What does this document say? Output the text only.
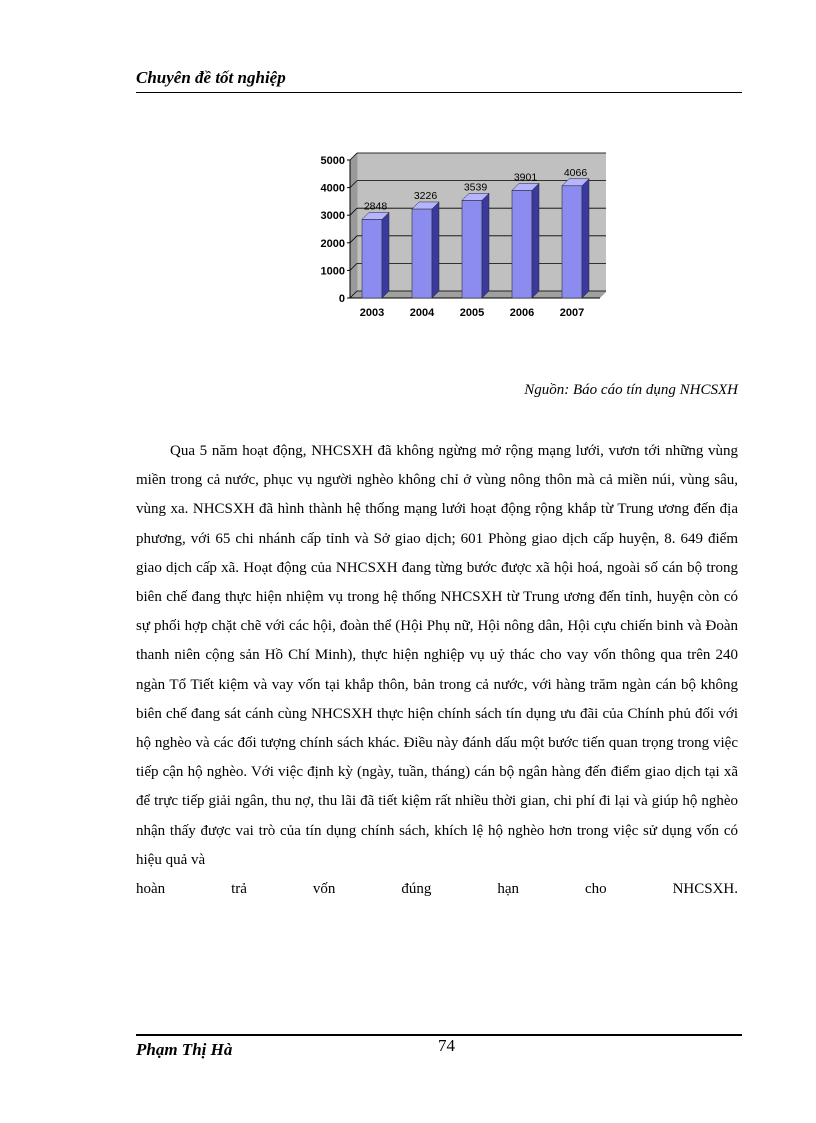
Chuyên đề tốt nghiệp
0
1000
2000
3000
4000
5000
2848
2003
3226
2004
3539
2005
3901
2006
4066
2007
Nguồn: Báo cáo tín dụng NHCSXH

Qua 5 năm hoạt động, NHCSXH đã không ngừng mở rộng mạng lưới, vươn tới những vùng miền trong cả nước, phục vụ người nghèo không chỉ ở vùng nông thôn mà cả miền núi, vùng sâu, vùng xa. NHCSXH đã hình thành hệ thống mạng lưới hoạt động rộng khắp từ Trung ương đến địa phương, với 65 chi nhánh cấp tỉnh và Sở giao dịch; 601 Phòng giao dịch cấp huyện, 8. 649 điểm giao dịch cấp xã. Hoạt động của NHCSXH đang từng bước được xã hội hoá, ngoài số cán bộ trong biên chế đang thực hiện nhiệm vụ trong hệ thống NHCSXH từ Trung ương đến tỉnh, huyện còn có sự phối hợp chặt chẽ với các hội, đoàn thể (Hội Phụ nữ, Hội nông dân, Hội cựu chiến binh và Đoàn thanh niên cộng sản Hồ Chí Minh), thực hiện nghiệp vụ uỷ thác cho vay vốn thông qua trên 240 ngàn Tổ Tiết kiệm và vay vốn tại khắp thôn, bản trong cả nước, với hàng trăm ngàn cán bộ không biên chế đang sát cánh cùng NHCSXH thực hiện chính sách tín dụng ưu đãi của Chính phủ đối với hộ nghèo và các đối tượng chính sách khác. Điều này đánh dấu một bước tiến quan trọng trong việc tiếp cận hộ nghèo. Với việc định kỳ (ngày, tuần, tháng) cán bộ ngân hàng đến điểm giao dịch tại xã để trực tiếp giải ngân, thu nợ, thu lãi đã tiết kiệm rất nhiều thời gian, chi phí đi lại và giúp hộ nghèo nhận thấy được vai trò của tín dụng chính sách, khích lệ hộ nghèo hơn trong việc sử dụng vốn có hiệu quả và

hoàn	trả	vốn	đúng	hạn	cho	NHCSXH.
Phạm Thị Hà	74
